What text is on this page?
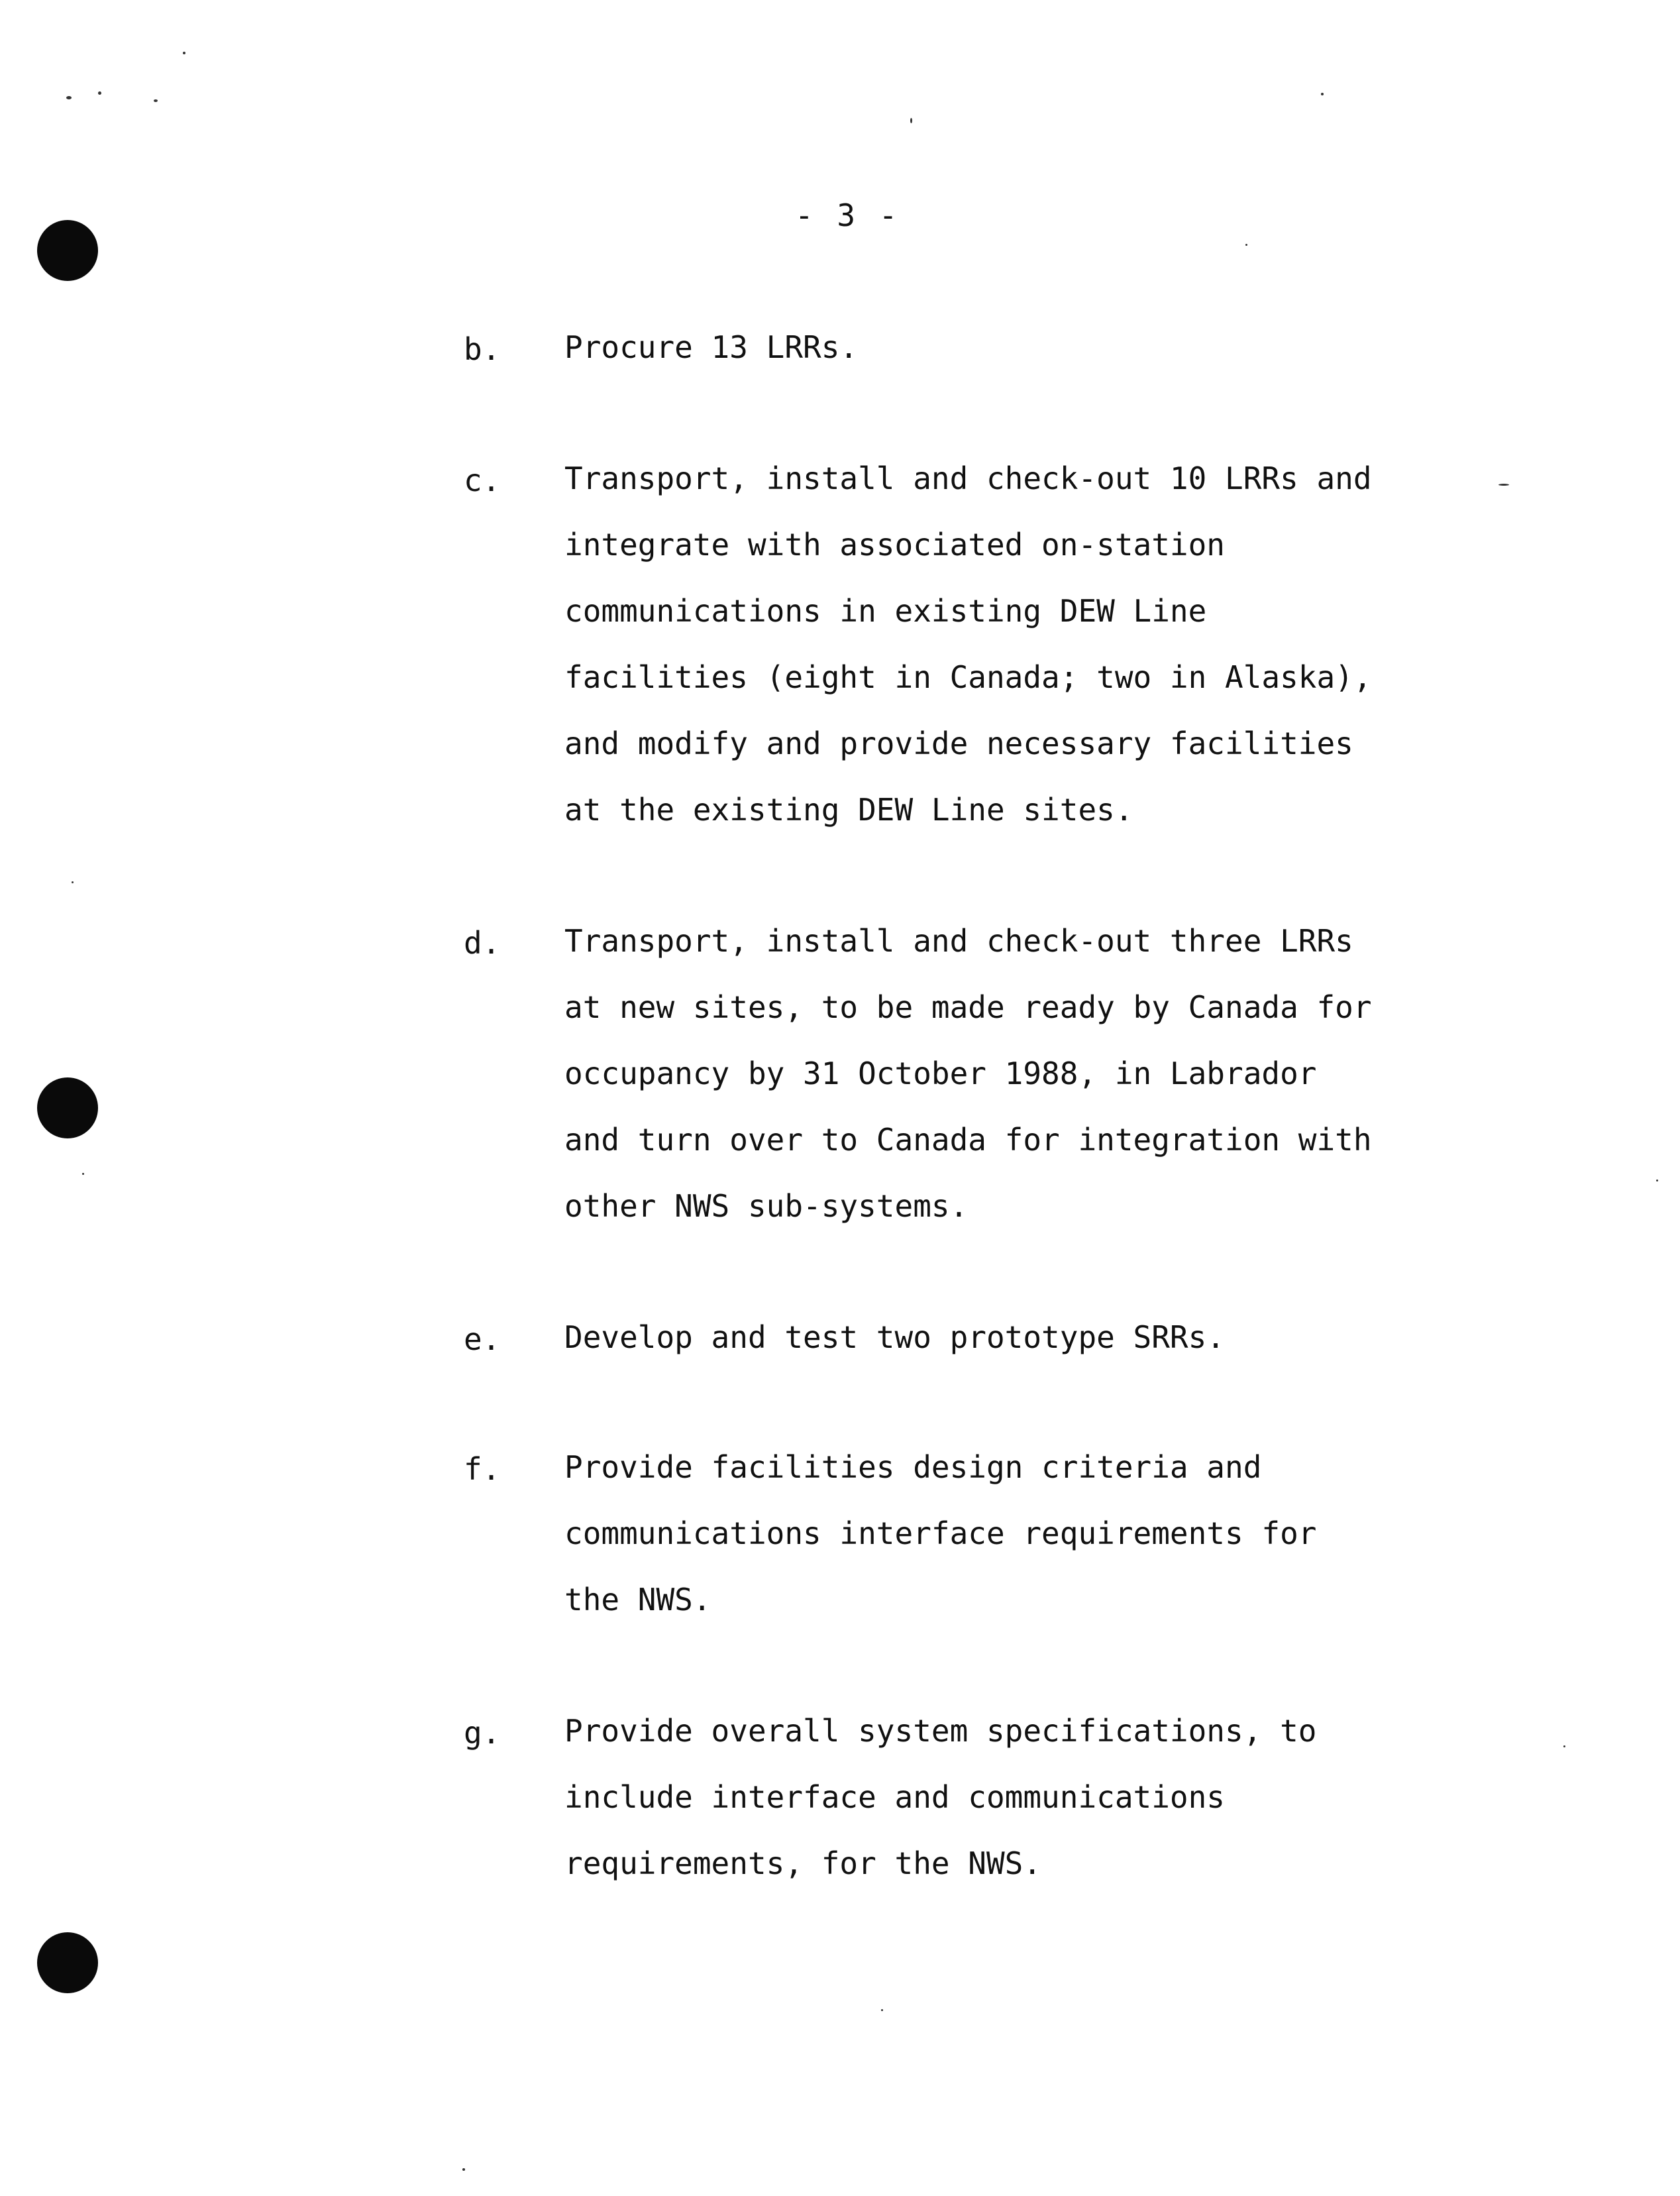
- 3 -
b. Procure 13 LRRs.

c. Transport, install and check-out 10 LRRs and
integrate with associated on-station
communications in existing DEW Line
facilities (eight in Canada; two in Alaska),
and modify and provide necessary facilities
at the existing DEW Line sites.

d. Transport, install and check-out three LRRs
at new sites, to be made ready by Canada for
occupancy by 31 October 1988, in Labrador
and turn over to Canada for integration with
other NWS sub-systems.

e. Develop and test two prototype SRRs.

f. Provide facilities design criteria and
communications interface requirements for
the NWS.

g. Provide overall system specifications, to
include interface and communications
requirements, for the NWS.
